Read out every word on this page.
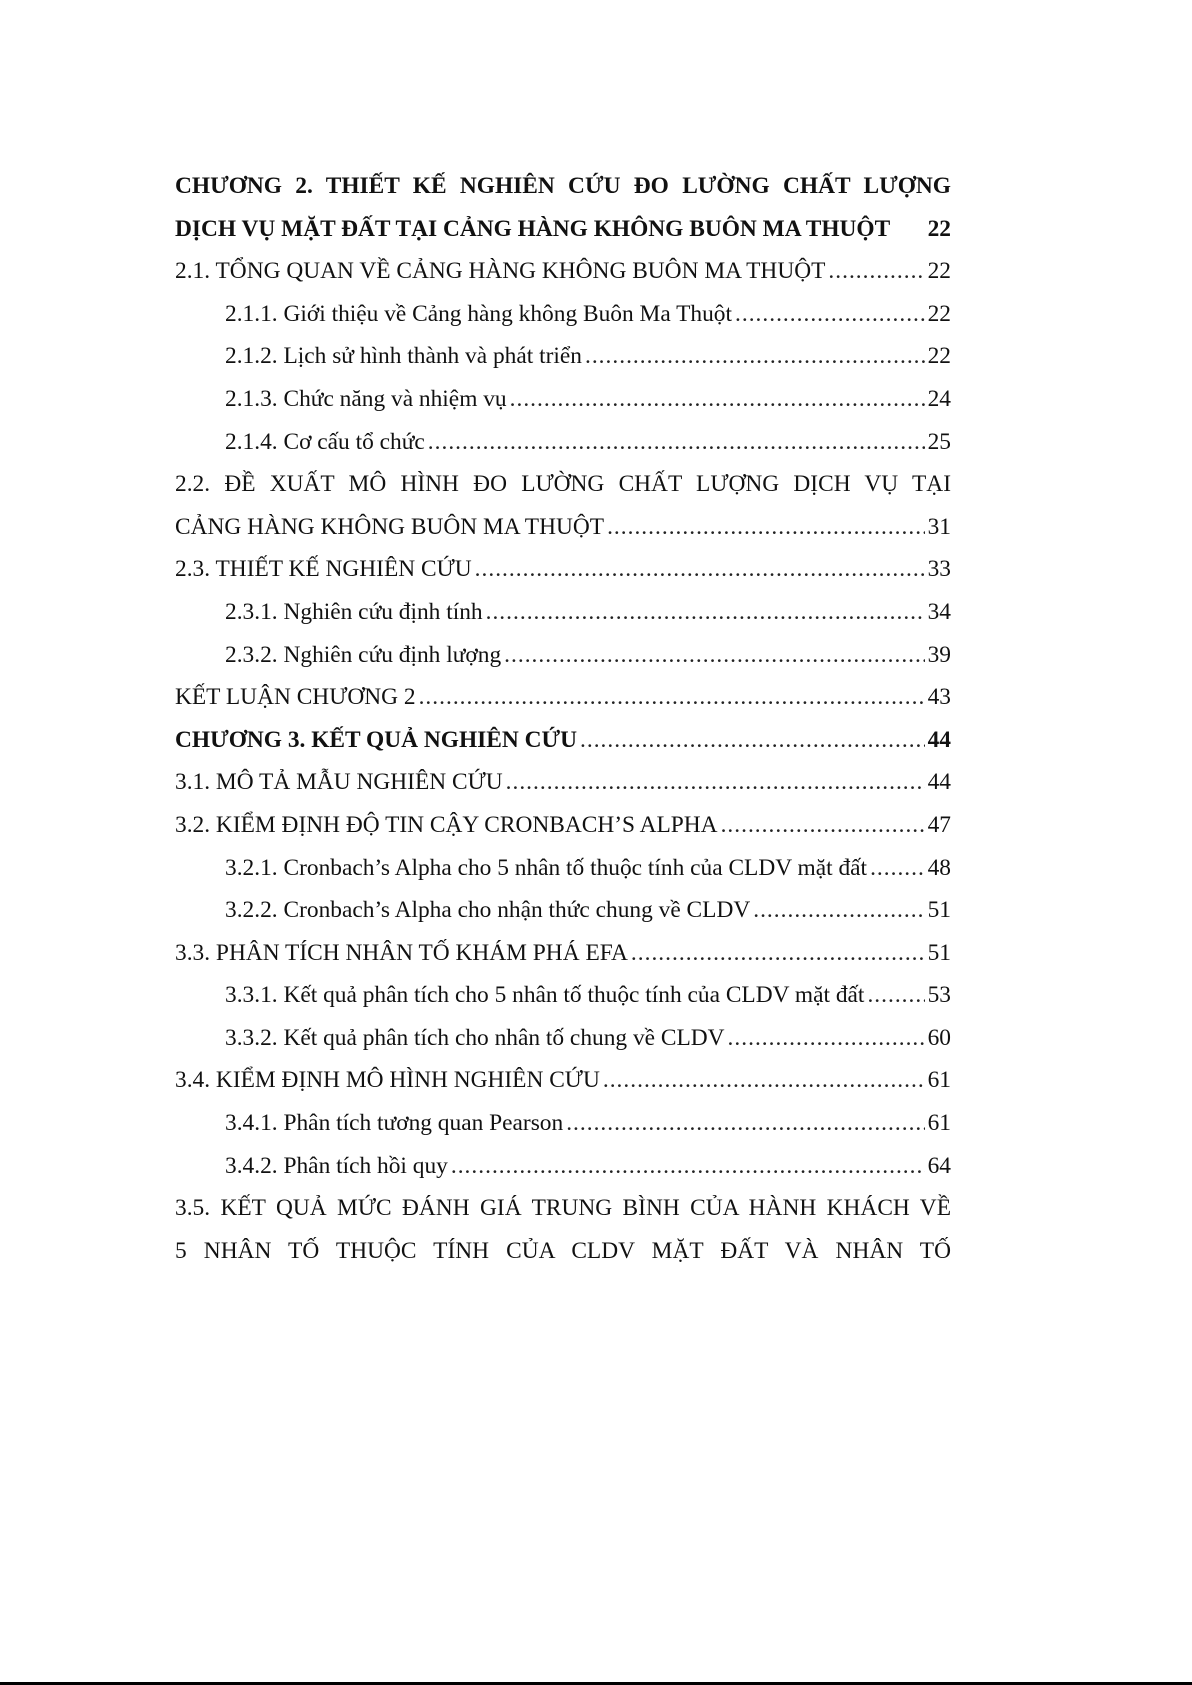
CHƯƠNG 2. THIẾT KẾ NGHIÊN CỨU ĐO LƯỜNG CHẤT LƯỢNG
DỊCH VỤ MẶT ĐẤT TẠI CẢNG HÀNG KHÔNG BUÔN MA THUỘT 22
2.1. TỔNG QUAN VỀ CẢNG HÀNG KHÔNG BUÔN MA THUỘT .....	22
2.1.1. Giới thiệu về Cảng hàng không Buôn Ma Thuột .....	22
2.1.2. Lịch sử hình thành và phát triển .....	22
2.1.3. Chức năng và nhiệm vụ .....	24
2.1.4. Cơ cấu tổ chức .....	25
2.2. ĐỀ XUẤT MÔ HÌNH ĐO LƯỜNG CHẤT LƯỢNG DỊCH VỤ TẠI
CẢNG HÀNG KHÔNG BUÔN MA THUỘT .....	31
2.3. THIẾT KẾ NGHIÊN CỨU .....	33
2.3.1. Nghiên cứu định tính .....	34
2.3.2. Nghiên cứu định lượng .....	39
KẾT LUẬN CHƯƠNG 2 .....	43
CHƯƠNG 3. KẾT QUẢ NGHIÊN CỨU .....	44
3.1. MÔ TẢ MẪU NGHIÊN CỨU .....	44
3.2. KIỂM ĐỊNH ĐỘ TIN CẬY CRONBACH’S ALPHA .....	47
3.2.1. Cronbach’s Alpha cho 5 nhân tố thuộc tính của CLDV mặt đất .....	48
3.2.2. Cronbach’s Alpha cho nhận thức chung về CLDV .....	51
3.3. PHÂN TÍCH NHÂN TỐ KHÁM PHÁ EFA .....	51
3.3.1. Kết quả phân tích cho 5 nhân tố thuộc tính của CLDV mặt đất .....	53
3.3.2. Kết quả phân tích cho nhân tố chung về CLDV .....	60
3.4. KIỂM ĐỊNH MÔ HÌNH NGHIÊN CỨU .....	61
3.4.1. Phân tích tương quan Pearson .....	61
3.4.2. Phân tích hồi quy .....	64
3.5. KẾT QUẢ MỨC ĐÁNH GIÁ TRUNG BÌNH CỦA HÀNH KHÁCH VỀ
5 NHÂN TỐ THUỘC TÍNH CỦA CLDV MẶT ĐẤT VÀ NHÂN TỐ
